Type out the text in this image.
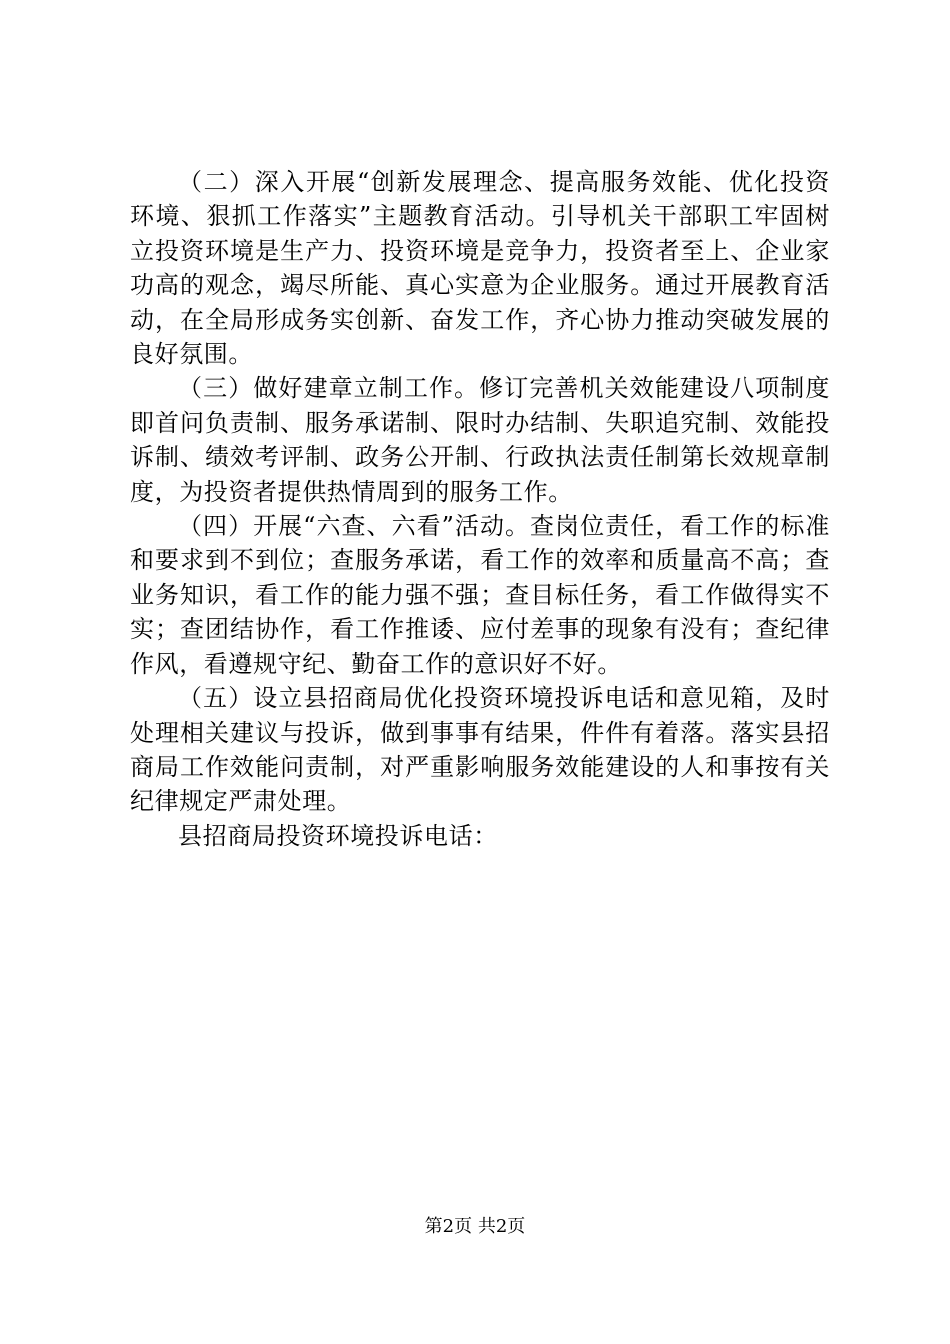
（二）深入开展“创新发展理念、提高服务效能、优化投资环境、狠抓工作落实”主题教育活动。引导机关干部职工牢固树立投资环境是生产力、投资环境是竞争力，投资者至上、企业家功高的观念，竭尽所能、真心实意为企业服务。通过开展教育活动，在全局形成务实创新、奋发工作，齐心协力推动突破发展的良好氛围。

（三）做好建章立制工作。修订完善机关效能建设八项制度即首问负责制、服务承诺制、限时办结制、失职追究制、效能投诉制、绩效考评制、政务公开制、行政执法责任制第长效规章制度，为投资者提供热情周到的服务工作。

（四）开展“六查、六看”活动。查岗位责任，看工作的标准和要求到不到位；查服务承诺，看工作的效率和质量高不高；查业务知识，看工作的能力强不强；查目标任务，看工作做得实不实；查团结协作，看工作推诿、应付差事的现象有没有；查纪律作风，看遵规守纪、勤奋工作的意识好不好。

（五）设立县招商局优化投资环境投诉电话和意见箱，及时处理相关建议与投诉，做到事事有结果，件件有着落。落实县招商局工作效能问责制，对严重影响服务效能建设的人和事按有关纪律规定严肃处理。

县招商局投资环境投诉电话：

第2页 共2页
